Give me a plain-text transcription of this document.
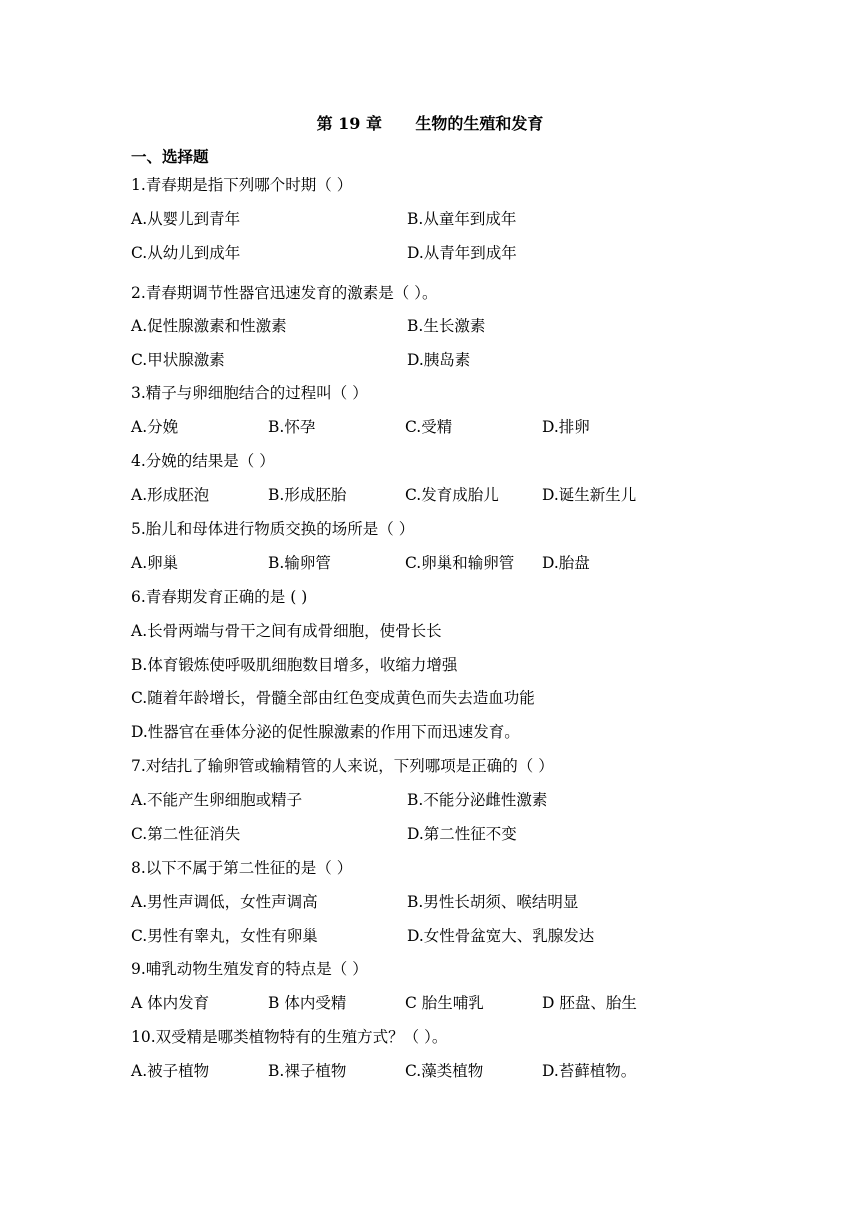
第 19 章      生物的生殖和发育
一、选择题
1.青春期是指下列哪个时期（ ）
A.从婴儿到青年	B.从童年到成年
C.从幼儿到成年	D.从青年到成年
2.青春期调节性器官迅速发育的激素是（ ）。
A.促性腺激素和性激素	B.生长激素
C.甲状腺激素	D.胰岛素
3.精子与卵细胞结合的过程叫（ ）
A.分娩	B.怀孕	C.受精	D.排卵
4.分娩的结果是（ ）
A.形成胚泡	B.形成胚胎	C.发育成胎儿	D.诞生新生儿
5.胎儿和母体进行物质交换的场所是（ ）
A.卵巢	B.输卵管	C.卵巢和输卵管 D.胎盘
6.青春期发育正确的是 ( )
A.长骨两端与骨干之间有成骨细胞，使骨长长
B.体育锻炼使呼吸肌细胞数目增多，收缩力增强
C.随着年龄增长，骨髓全部由红色变成黄色而失去造血功能
D.性器官在垂体分泌的促性腺激素的作用下而迅速发育。
7.对结扎了输卵管或输精管的人来说，下列哪项是正确的（ ）
A.不能产生卵细胞或精子	B.不能分泌雌性激素
C.第二性征消失	D.第二性征不变
8.以下不属于第二性征的是（ ）
A.男性声调低，女性声调高	B.男性长胡须、喉结明显
C.男性有睾丸，女性有卵巢	D.女性骨盆宽大、乳腺发达
9.哺乳动物生殖发育的特点是（ ）
A 体内发育	B 体内受精	C 胎生哺乳	D 胚盘、胎生
10.双受精是哪类植物特有的生殖方式？（ ）。
A.被子植物	B.裸子植物	C.藻类植物	D.苔藓植物。
